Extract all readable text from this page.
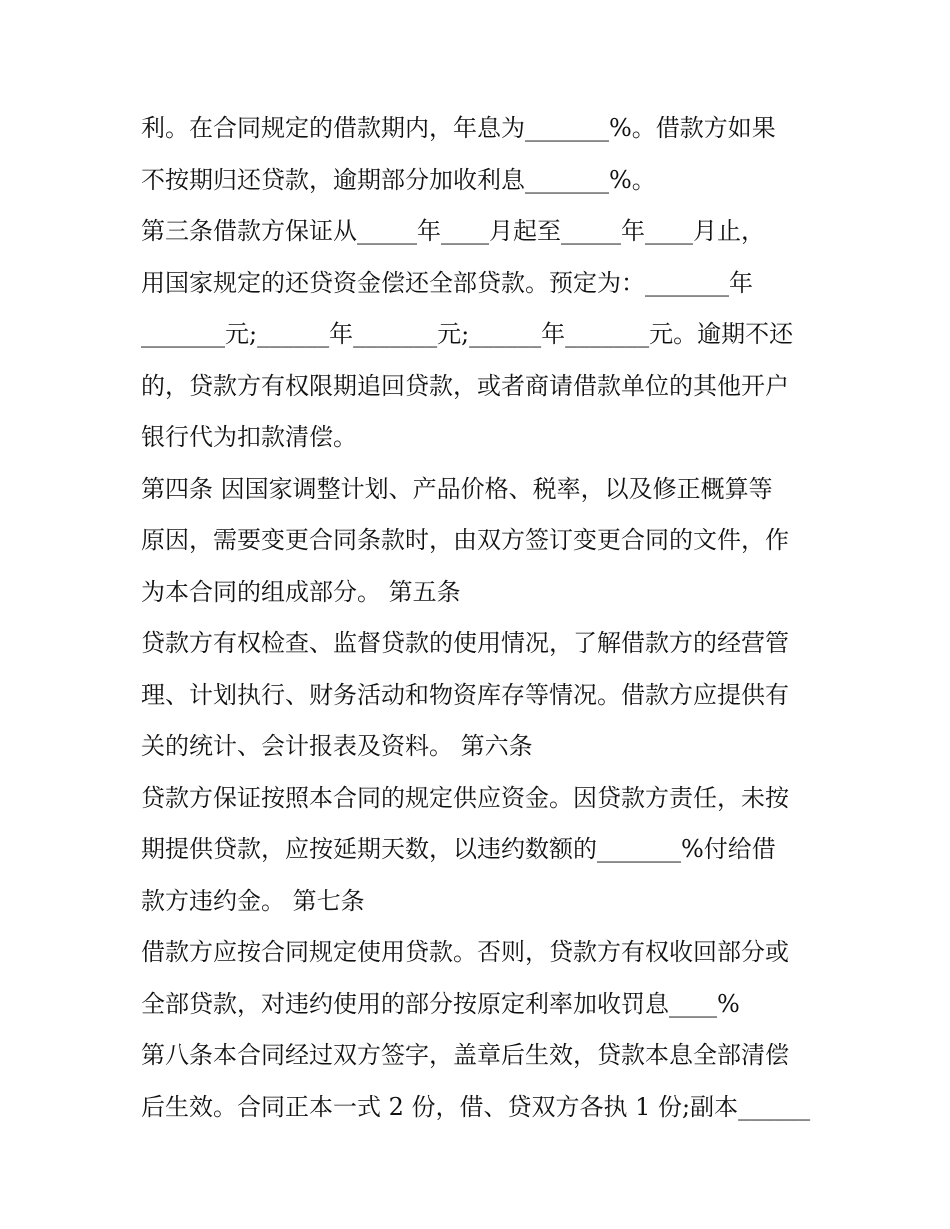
利。在合同规定的借款期内，年息为_______%。借款方如果
不按期归还贷款，逾期部分加收利息_______%。
第三条借款方保证从_____年____月起至_____年____月止，
用国家规定的还贷资金偿还全部贷款。预定为：_______年
_______元;______年_______元;______年_______元。逾期不还
的，贷款方有权限期追回贷款，或者商请借款单位的其他开户
银行代为扣款清偿。
第四条 因国家调整计划、产品价格、税率，以及修正概算等
原因，需要变更合同条款时，由双方签订变更合同的文件，作
为本合同的组成部分。 第五条
贷款方有权检查、监督贷款的使用情况，了解借款方的经营管
理、计划执行、财务活动和物资库存等情况。借款方应提供有
关的统计、会计报表及资料。 第六条
贷款方保证按照本合同的规定供应资金。因贷款方责任，未按
期提供贷款，应按延期天数，以违约数额的_______%付给借
款方违约金。 第七条
借款方应按合同规定使用贷款。否则，贷款方有权收回部分或
全部贷款，对违约使用的部分按原定利率加收罚息____%
第八条本合同经过双方签字，盖章后生效，贷款本息全部清偿
后生效。合同正本一式 2 份，借、贷双方各执 1 份;副本______
